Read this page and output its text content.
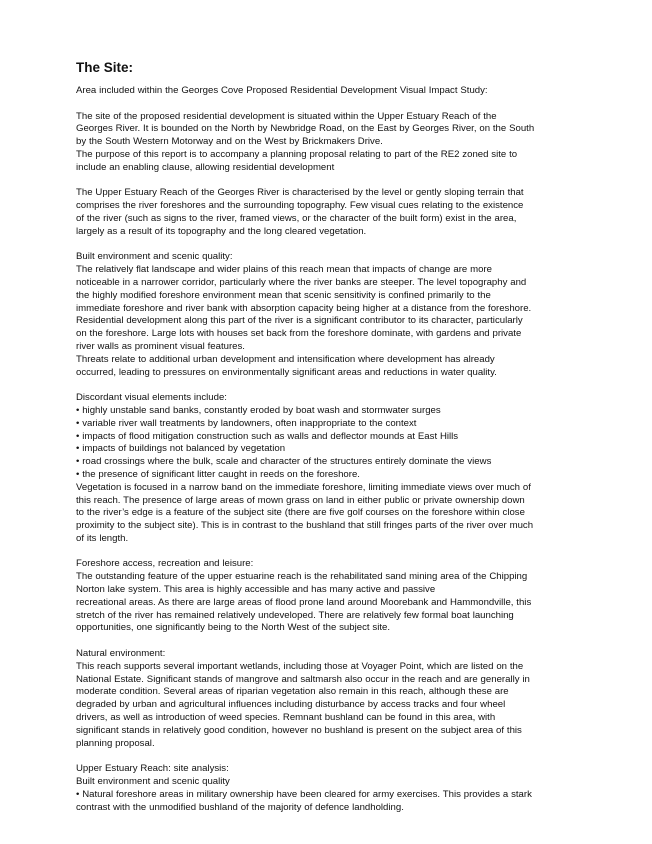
The Site:

Area included within the Georges Cove Proposed Residential Development Visual Impact Study:

The site of the proposed residential development is situated within the Upper Estuary Reach of the
Georges River. It is bounded on the North by Newbridge Road, on the East by Georges River, on the South
by the South Western Motorway and on the West by Brickmakers Drive.
The purpose of this report is to accompany a planning proposal relating to part of the RE2 zoned site to
include an enabling clause, allowing residential development

The Upper Estuary Reach of the Georges River is characterised by the level or gently sloping terrain that
comprises the river foreshores and the surrounding topography. Few visual cues relating to the existence
of the river (such as signs to the river, framed views, or the character of the built form) exist in the area,
largely as a result of its topography and the long cleared vegetation.

Built environment and scenic quality:
The relatively flat landscape and wider plains of this reach mean that impacts of change are more
noticeable in a narrower corridor, particularly where the river banks are steeper. The level topography and
the highly modified foreshore environment mean that scenic sensitivity is confined primarily to the
immediate foreshore and river bank with absorption capacity being higher at a distance from the foreshore.
Residential development along this part of the river is a significant contributor to its character, particularly
on the foreshore. Large lots with houses set back from the foreshore dominate, with gardens and private
river walls as prominent visual features.
Threats relate to additional urban development and intensification where development has already
occurred, leading to pressures on environmentally significant areas and reductions in water quality.

Discordant visual elements include:
• highly unstable sand banks, constantly eroded by boat wash and stormwater surges
• variable river wall treatments by landowners, often inappropriate to the context
• impacts of flood mitigation construction such as walls and deflector mounds at East Hills
• impacts of buildings not balanced by vegetation
• road crossings where the bulk, scale and character of the structures entirely dominate the views
• the presence of significant litter caught in reeds on the foreshore.
Vegetation is focused in a narrow band on the immediate foreshore, limiting immediate views over much of
this reach. The presence of large areas of mown grass on land in either public or private ownership down
to the river’s edge is a feature of the subject site (there are five golf courses on the foreshore within close
proximity to the subject site). This is in contrast to the bushland that still fringes parts of the river over much
of its length.

Foreshore access, recreation and leisure:
The outstanding feature of the upper estuarine reach is the rehabilitated sand mining area of the Chipping
Norton lake system. This area is highly accessible and has many active and passive
recreational areas. As there are large areas of flood prone land around Moorebank and Hammondville, this
stretch of the river has remained relatively undeveloped. There are relatively few formal boat launching
opportunities, one significantly being to the North West of the subject site.

Natural environment:
This reach supports several important wetlands, including those at Voyager Point, which are listed on the
National Estate. Significant stands of mangrove and saltmarsh also occur in the reach and are generally in
moderate condition. Several areas of riparian vegetation also remain in this reach, although these are
degraded by urban and agricultural influences including disturbance by access tracks and four wheel
drivers, as well as introduction of weed species. Remnant bushland can be found in this area, with
significant stands in relatively good condition, however no bushland is present on the subject area of this
planning proposal.

Upper Estuary Reach: site analysis:
Built environment and scenic quality
• Natural foreshore areas in military ownership have been cleared for army exercises. This provides a stark
contrast with the unmodified bushland of the majority of defence landholding.
